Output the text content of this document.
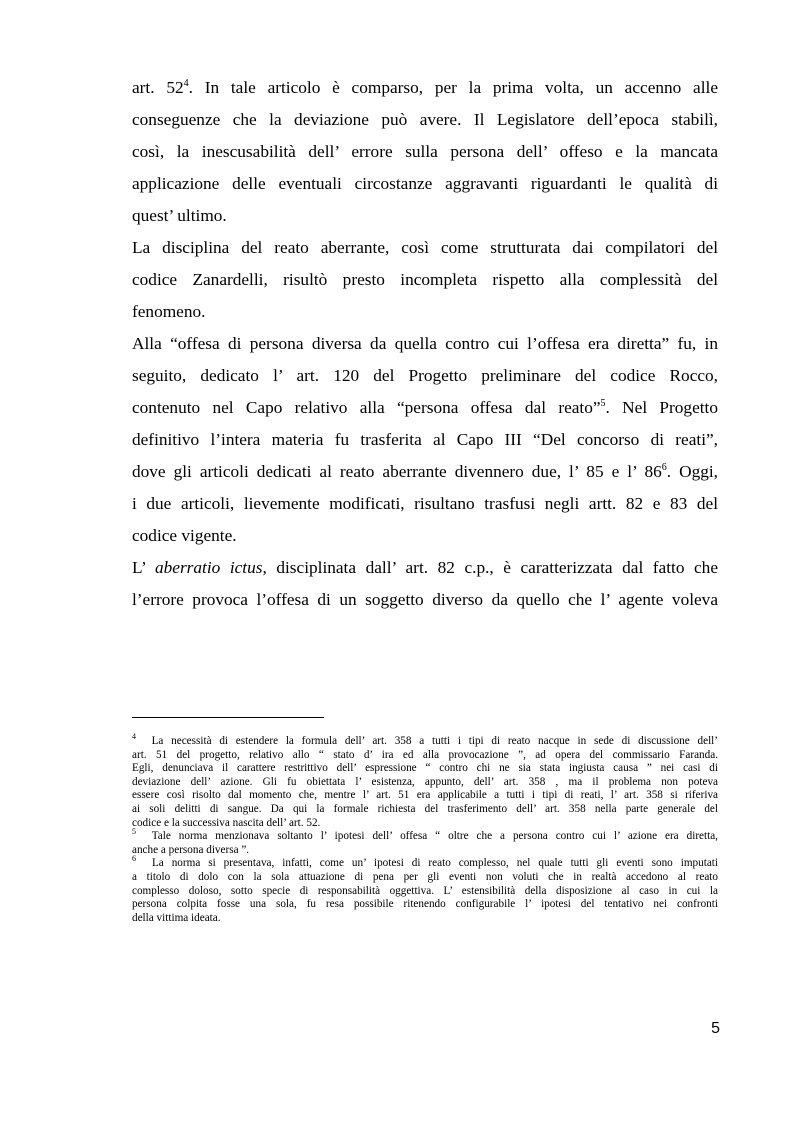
art. $52^4$. In tale articolo è comparso, per la prima volta, un accenno alle
conseguenze che la deviazione può avere. Il Legislatore dell’epoca stabilì,
così, la inescusabilità dell’ errore sulla persona dell’ offeso e la mancata
applicazione delle eventuali circostanze aggravanti riguardanti le qualità di
quest’ ultimo.
La disciplina del reato aberrante, così come strutturata dai compilatori del
codice Zanardelli, risultò presto incompleta rispetto alla complessità del
fenomeno.
Alla “offesa di persona diversa da quella contro cui l’offesa era diretta” fu, in
seguito, dedicato l’ art. 120 del Progetto preliminare del codice Rocco,
contenuto nel Capo relativo alla “persona offesa dal reato”$^5$. Nel Progetto
definitivo l’intera materia fu trasferita al Capo III “Del concorso di reati”,
dove gli articoli dedicati al reato aberrante divennero due, l’ 85 e l’ $86^6$. Oggi,
i due articoli, lievemente modificati, risultano trasfusi negli artt. 82 e 83 del
codice vigente.
L’ aberratio ictus, disciplinata dall’ art. 82 c.p., è caratterizzata dal fatto che
l’errore provoca l’offesa di un soggetto diverso da quello che l’ agente voleva
$^4$ La necessità di estendere la formula dell’ art. 358 a tutti i tipi di reato nacque in sede di discussione dell’
art. 51 del progetto, relativo allo “ stato d’ ira ed alla provocazione ”, ad opera del commissario Faranda.
Egli, denunciava il carattere restrittivo dell’ espressione “ contro chi ne sia stata ingiusta causa ” nei casi di
deviazione dell’ azione. Gli fu obiettata l’ esistenza, appunto, dell’ art. 358 , ma il problema non poteva
essere così risolto dal momento che, mentre l’ art. 51 era applicabile a tutti i tipi di reati, l’ art. 358 si riferiva
ai soli delitti di sangue. Da qui la formale richiesta del trasferimento dell’ art. 358 nella parte generale del
codice e la successiva nascita dell’ art. 52.
$^5$ Tale norma menzionava soltanto l’ ipotesi dell’ offesa “ oltre che a persona contro cui l’ azione era diretta,
anche a persona diversa ”.
$^6$ La norma si presentava, infatti, come un’ ipotesi di reato complesso, nel quale tutti gli eventi sono imputati
a titolo di dolo con la sola attuazione di pena per gli eventi non voluti che in realtà accedono al reato
complesso doloso, sotto specie di responsabilità oggettiva. L’ estensibilità della disposizione al caso in cui la
persona colpita fosse una sola, fu resa possibile ritenendo configurabile l’ ipotesi del tentativo nei confronti
della vittima ideata.
5
